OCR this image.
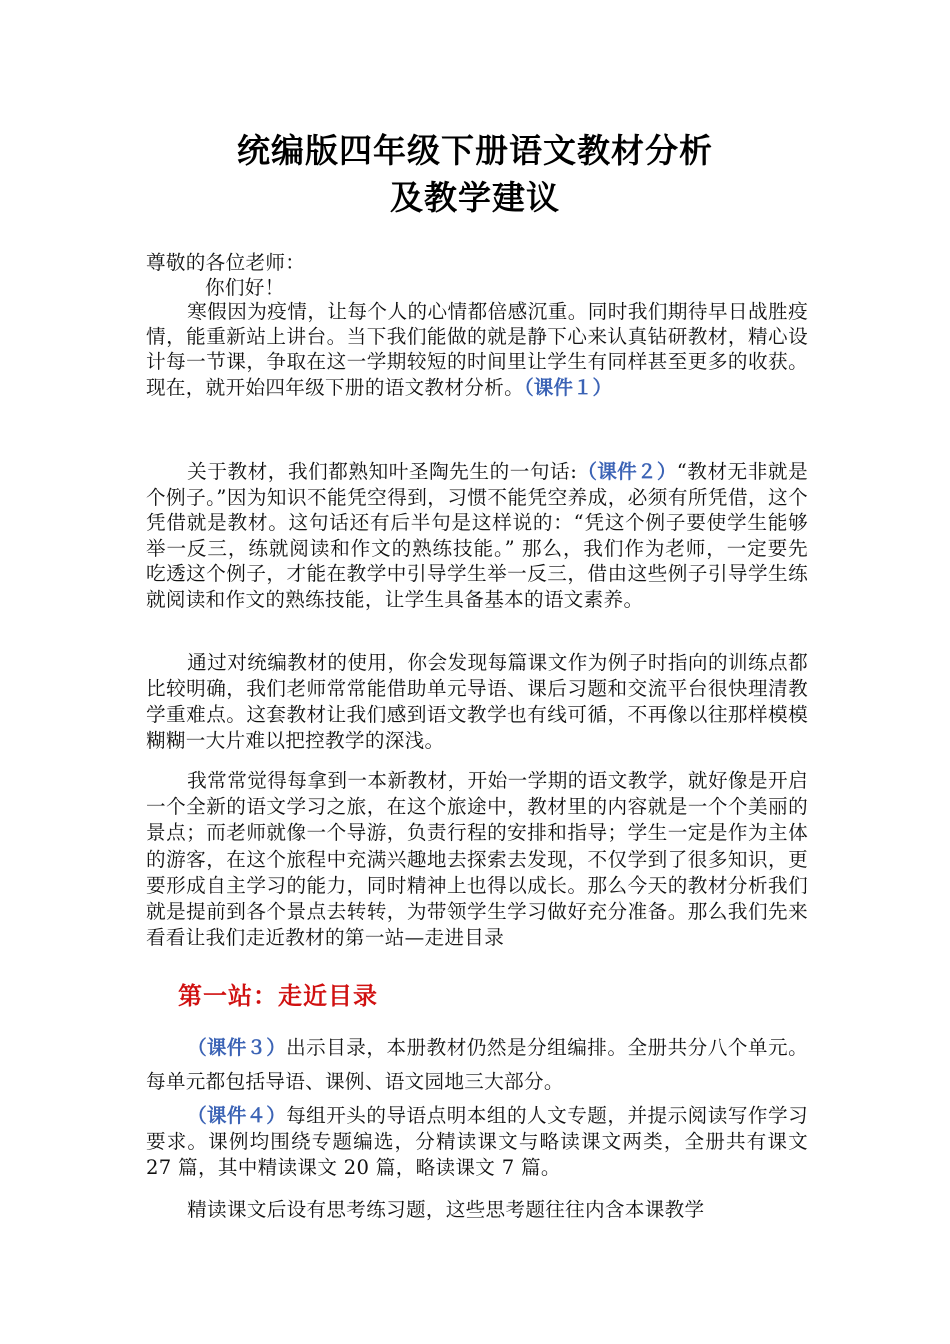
统编版四年级下册语文教材分析
及教学建议
尊敬的各位老师：
你们好！
寒假因为疫情，让每个人的心情都倍感沉重。同时我们期待早日战胜疫情，能重新站上讲台。当下我们能做的就是静下心来认真钻研教材，精心设计每一节课，争取在这一学期较短的时间里让学生有同样甚至更多的收获。现在，就开始四年级下册的语文教材分析。（课件１）
关于教材，我们都熟知叶圣陶先生的一句话:（课件２）“教材无非就是个例子。”因为知识不能凭空得到，习惯不能凭空养成，必须有所凭借，这个凭借就是教材。这句话还有后半句是这样说的：“凭这个例子要使学生能够举一反三，练就阅读和作文的熟练技能。” 那么，我们作为老师，一定要先吃透这个例子，才能在教学中引导学生举一反三，借由这些例子引导学生练就阅读和作文的熟练技能，让学生具备基本的语文素养。
通过对统编教材的使用，你会发现每篇课文作为例子时指向的训练点都比较明确，我们老师常常能借助单元导语、课后习题和交流平台很快理清教学重难点。这套教材让我们感到语文教学也有线可循，不再像以往那样模模糊糊一大片难以把控教学的深浅。
我常常觉得每拿到一本新教材，开始一学期的语文教学，就好像是开启一个全新的语文学习之旅，在这个旅途中，教材里的内容就是一个个美丽的景点；而老师就像一个导游，负责行程的安排和指导；学生一定是作为主体的游客，在这个旅程中充满兴趣地去探索去发现，不仅学到了很多知识，更要形成自主学习的能力，同时精神上也得以成长。那么今天的教材分析我们就是提前到各个景点去转转，为带领学生学习做好充分准备。那么我们先来看看让我们走近教材的第一站—走进目录
第一站：走近目录
（课件３）出示目录，本册教材仍然是分组编排。全册共分八个单元。每单元都包括导语、课例、语文园地三大部分。
（课件４）每组开头的导语点明本组的人文专题，并提示阅读写作学习要求。课例均围绕专题编选，分精读课文与略读课文两类，全册共有课文 27 篇，其中精读课文 20 篇，略读课文 7 篇。
精读课文后设有思考练习题，这些思考题往往内含本课教学
